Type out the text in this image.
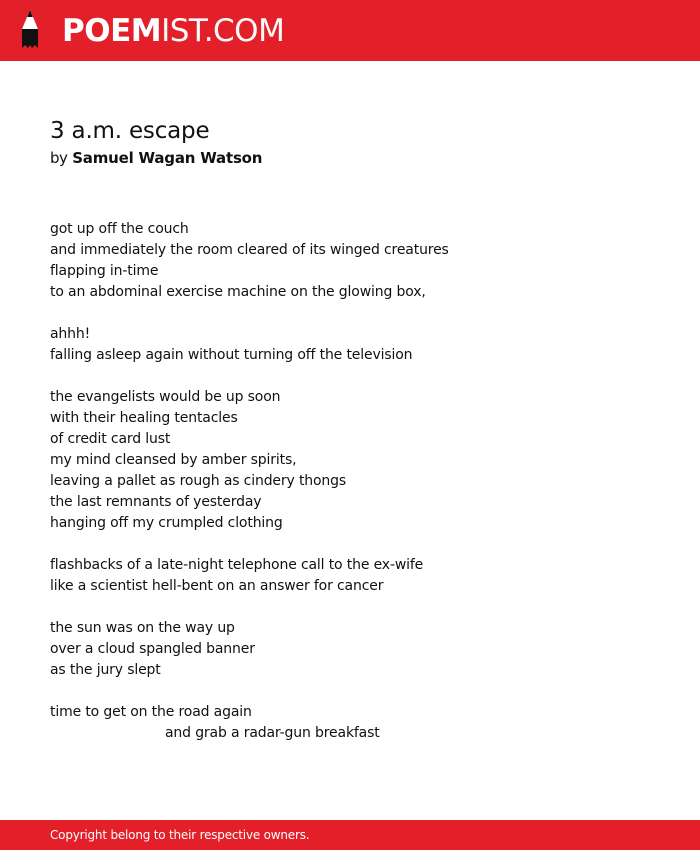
POEMIST.COM
3 a.m. escape
by Samuel Wagan Watson
got up off the couch
and immediately the room cleared of its winged creatures
flapping in-time
to an abdominal exercise machine on the glowing box,
ahhh!
falling asleep again without turning off the television
the evangelists would be up soon
with their healing tentacles
of credit card lust
my mind cleansed by amber spirits,
leaving a pallet as rough as cindery thongs
the last remnants of yesterday
hanging off my crumpled clothing
flashbacks of a late-night telephone call to the ex-wife
like a scientist hell-bent on an answer for cancer
the sun was on the way up
over a cloud spangled banner
as the jury slept
time to get on the road again
and grab a radar-gun breakfast
Copyright belong to their respective owners.
